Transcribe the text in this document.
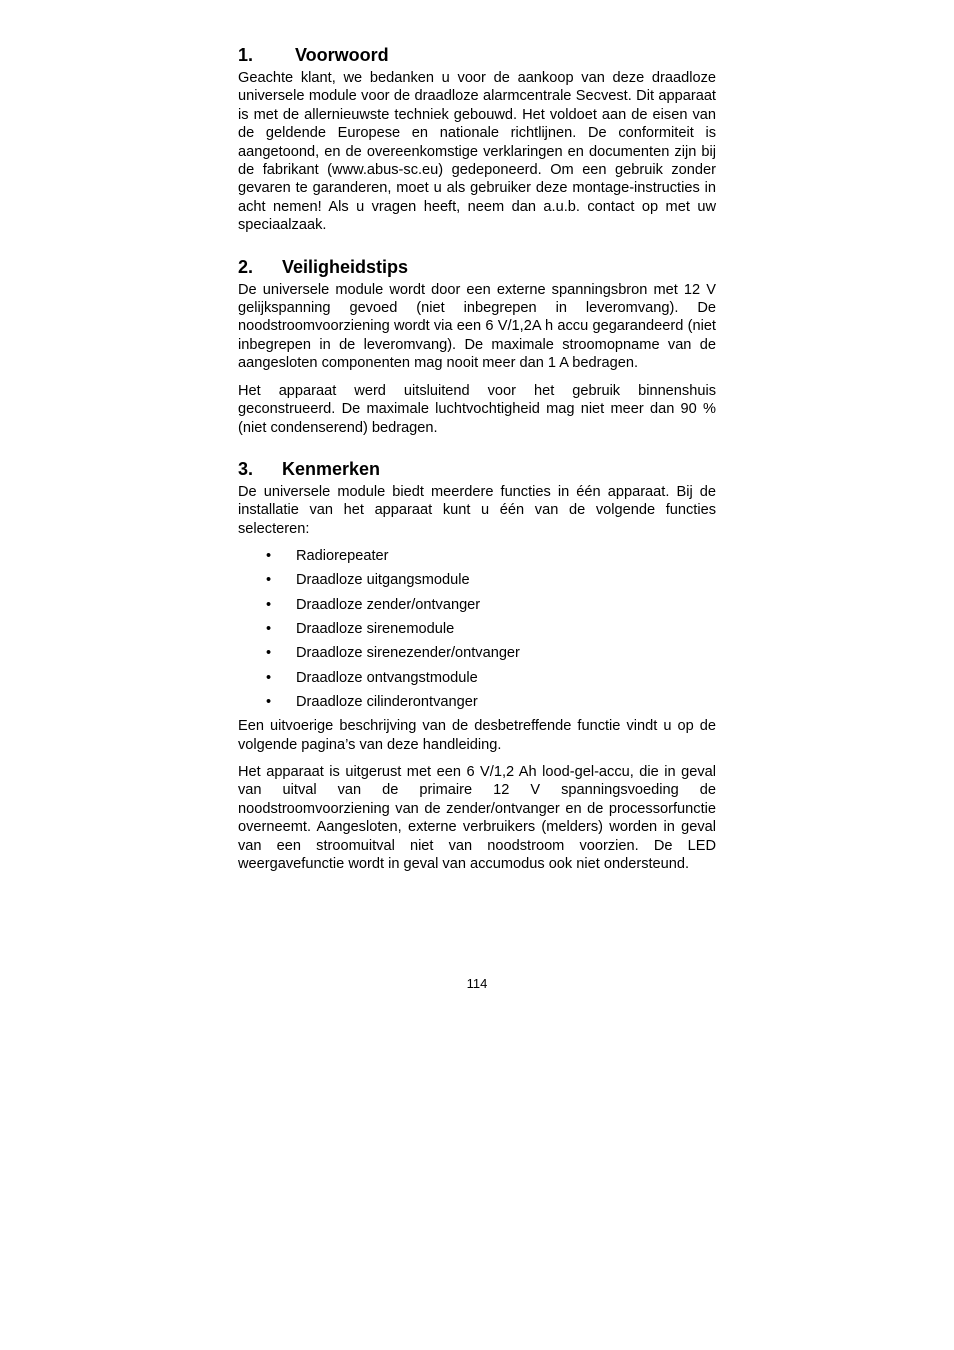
1.	Voorwoord

Geachte klant, we bedanken u voor de aankoop van deze draadloze universele module voor de draadloze alarmcentrale Secvest. Dit apparaat is met de allernieuwste techniek gebouwd. Het voldoet aan de eisen van de geldende Europese en nationale richtlijnen. De conformiteit is aangetoond, en de overeenkomstige verklaringen en documenten zijn bij de fabrikant (www.abus-sc.eu) gedeponeerd. Om een gebruik zonder gevaren te garanderen, moet u als gebruiker deze montage-instructies in acht nemen! Als u vragen heeft, neem dan a.u.b. contact op met uw speciaalzaak.

2.	Veiligheidstips

De universele module wordt door een externe spanningsbron met 12 V gelijkspanning gevoed (niet inbegrepen in leveromvang). De noodstroomvoorziening wordt via een 6 V/1,2A h accu gegarandeerd (niet inbegrepen in de leveromvang). De maximale stroomopname van de aangesloten componenten mag nooit meer dan 1 A bedragen.

Het apparaat werd uitsluitend voor het gebruik binnenshuis geconstrueerd. De maximale luchtvochtigheid mag niet meer dan 90 % (niet condenserend) bedragen.

3.	Kenmerken

De universele module biedt meerdere functies in één apparaat. Bij de installatie van het apparaat kunt u één van de volgende functies selecteren:

•	Radiorepeater
•	Draadloze uitgangsmodule
•	Draadloze zender/ontvanger
•	Draadloze sirenemodule
•	Draadloze sirenezender/ontvanger
•	Draadloze ontvangstmodule
•	Draadloze cilinderontvanger

Een uitvoerige beschrijving van de desbetreffende functie vindt u op de volgende pagina’s van deze handleiding.

Het apparaat is uitgerust met een 6 V/1,2 Ah lood-gel-accu, die in geval van uitval van de primaire 12 V spanningsvoeding de noodstroomvoorziening van de zender/ontvanger en de processorfunctie overneemt. Aangesloten, externe verbruikers (melders) worden in geval van een stroomuitval niet van noodstroom voorzien. De LED weergavefunctie wordt in geval van accumodus ook niet ondersteund.

114
